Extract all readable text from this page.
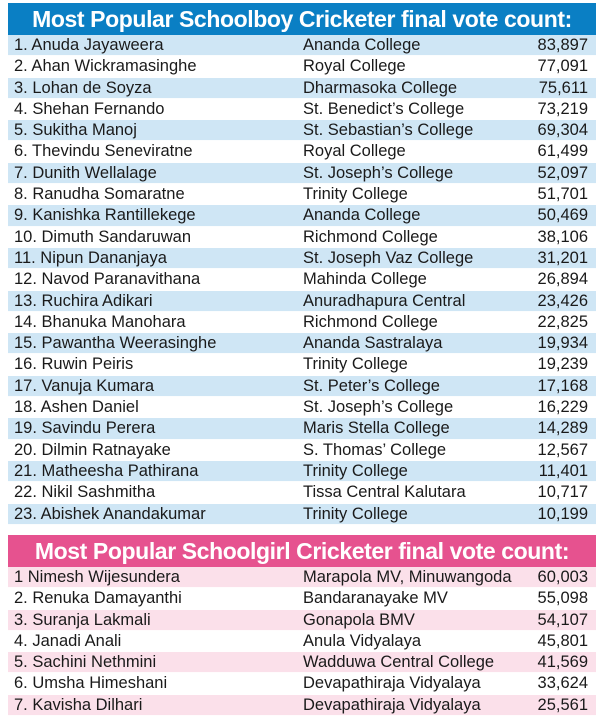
Most Popular Schoolboy Cricketer final vote count:
1. Anuda Jayaweera	Ananda College	83,897
2. Ahan Wickramasinghe	Royal College	77,091
3. Lohan de Soyza	Dharmasoka College	75,611
4. Shehan Fernando	St. Benedict’s College	73,219
5. Sukitha Manoj	St. Sebastian’s College	69,304
6. Thevindu Seneviratne	Royal College	61,499
7. Dunith Wellalage	St. Joseph’s College	52,097
8. Ranudha Somaratne	Trinity College	51,701
9. Kanishka Rantillekege	Ananda College	50,469
10. Dimuth Sandaruwan	Richmond College	38,106
11. Nipun Dananjaya	St. Joseph Vaz College	31,201
12. Navod Paranavithana	Mahinda College	26,894
13. Ruchira Adikari	Anuradhapura Central	23,426
14. Bhanuka Manohara	Richmond College	22,825
15. Pawantha Weerasinghe	Ananda Sastralaya	19,934
16. Ruwin Peiris	Trinity College	19,239
17. Vanuja Kumara	St. Peter’s College	17,168
18. Ashen Daniel	St. Joseph’s College	16,229
19. Savindu Perera	Maris Stella College	14,289
20. Dilmin Ratnayake	S. Thomas’ College	12,567
21. Matheesha Pathirana	Trinity College	11,401
22. Nikil Sashmitha	Tissa Central Kalutara	10,717
23. Abishek Anandakumar	Trinity College	10,199
Most Popular Schoolgirl Cricketer final vote count:
1 Nimesh Wijesundera	Marapola MV, Minuwangoda	60,003
2. Renuka Damayanthi	Bandaranayake MV	55,098
3. Suranja Lakmali	Gonapola BMV	54,107
4. Janadi Anali	Anula Vidyalaya	45,801
5. Sachini Nethmini	Wadduwa Central College	41,569
6. Umsha Himeshani	Devapathiraja Vidyalaya	33,624
7. Kavisha Dilhari	Devapathiraja Vidyalaya	25,561
